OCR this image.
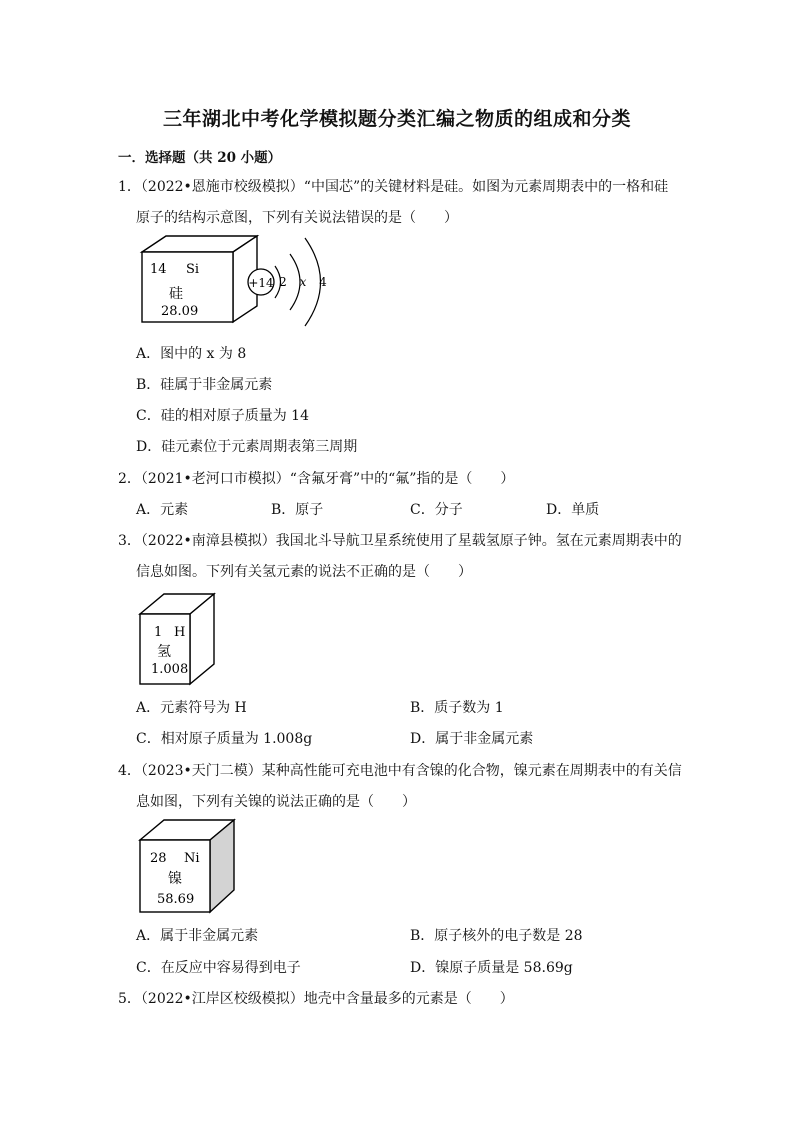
三年湖北中考化学模拟题分类汇编之物质的组成和分类
一．选择题（共 20 小题）
1．（2022•恩施市校级模拟）“中国芯”的关键材料是硅。如图为元素周期表中的一格和硅
原子的结构示意图，下列有关说法错误的是（　　）
14 Si
硅
28.09
+14 2 x 4
A．图中的 x 为 8
B．硅属于非金属元素
C．硅的相对原子质量为 14
D．硅元素位于元素周期表第三周期
2．（2021•老河口市模拟）“含氟牙膏”中的“氟”指的是（　　）
A．元素	B．原子	C．分子	D．单质
3．（2022•南漳县模拟）我国北斗导航卫星系统使用了星载氢原子钟。氢在元素周期表中的
信息如图。下列有关氢元素的说法不正确的是（　　）
1 H
氢
1.008
A．元素符号为 H	B．质子数为 1
C．相对原子质量为 1.008g	D．属于非金属元素
4．（2023•天门二模）某种高性能可充电池中有含镍的化合物，镍元素在周期表中的有关信
息如图，下列有关镍的说法正确的是（　　）
28 Ni
镍
58.69
A．属于非金属元素	B．原子核外的电子数是 28
C．在反应中容易得到电子	D．镍原子质量是 58.69g
5．（2022•江岸区校级模拟）地壳中含量最多的元素是（　　）
